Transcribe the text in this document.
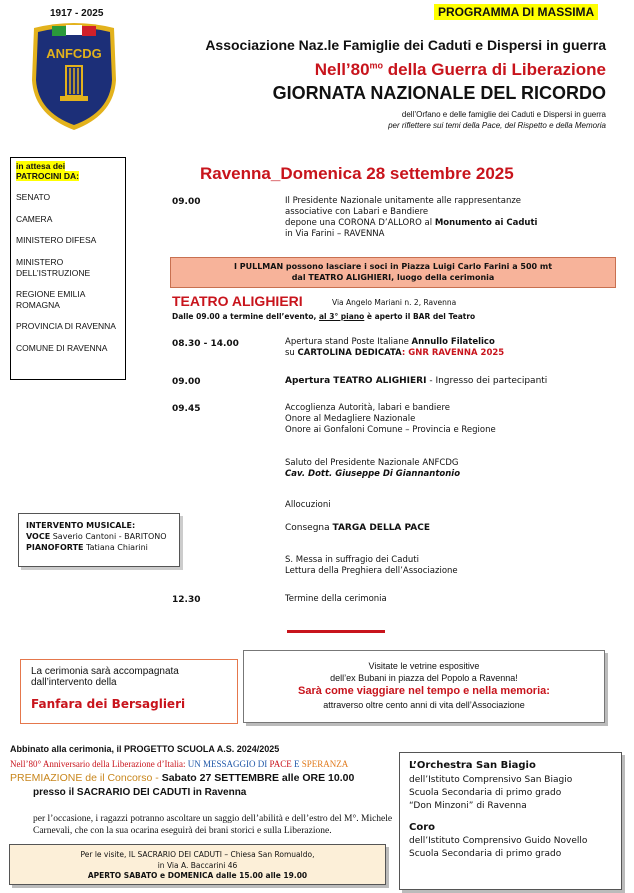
1917 - 2025
ANFCDG
PROGRAMMA DI MASSIMA
Associazione Naz.le Famiglie dei Caduti e Dispersi in guerra
$Nell’80^{mo}$ della Guerra di Liberazione
GIORNATA NAZIONALE DEL RICORDO
dell’Orfano e delle famiglie dei Caduti e Dispersi in guerra
per riflettere sui temi della Pace, del Rispetto e della Memoria
in attesa dei
PATROCINI DA:
SENATO
CAMERA
MINISTERO DIFESA
MINISTERO DELL’ISTRUZIONE
REGIONE EMILIA ROMAGNA
PROVINCIA DI RAVENNA
COMUNE DI RAVENNA
Ravenna_Domenica 28 settembre 2025
09.00	Il Presidente Nazionale unitamente alle rappresentanze
associative con Labari e Bandiere
depone una CORONA D’ALLORO al Monumento ai Caduti
in Via Farini – RAVENNA
I PULLMAN possono lasciare i soci in Piazza Luigi Carlo Farini a 500 mt
dal TEATRO ALIGHIERI, luogo della cerimonia
TEATRO ALIGHIERI	Via Angelo Mariani n. 2, Ravenna
Dalle 09.00 a termine dell’evento, al 3° piano è aperto il BAR del Teatro
08.30 - 14.00	Apertura stand Poste Italiane Annullo Filatelico
su CARTOLINA DEDICATA: GNR RAVENNA 2025
09.00	Apertura TEATRO ALIGHIERI - Ingresso dei partecipanti
09.45	Accoglienza Autorità, labari e bandiere
Onore al Medagliere Nazionale
Onore ai Gonfaloni Comune – Provincia e Regione
Saluto del Presidente Nazionale ANFCDG
Cav. Dott. Giuseppe Di Giannantonio
Allocuzioni
Consegna TARGA DELLA PACE
S. Messa in suffragio dei Caduti
Lettura della Preghiera dell’Associazione
12.30	Termine della cerimonia
INTERVENTO MUSICALE:
VOCE Saverio Cantoni - BARITONO
PIANOFORTE Tatiana Chiarini
La cerimonia sarà accompagnata
dall’intervento della
Fanfara dei Bersaglieri
Visitate le vetrine espositive
dell’ex Bubani in piazza del Popolo a Ravenna!
Sarà come viaggiare nel tempo e nella memoria:
attraverso oltre cento anni di vita dell’Associazione
Abbinato alla cerimonia, il PROGETTO SCUOLA A.S. 2024/2025
Nell’80° Anniversario della Liberazione d’Italia: UN MESSAGGIO DI PACE E SPERANZA
PREMIAZIONE de il Concorso - Sabato 27 SETTEMBRE alle ORE 10.00
presso il SACRARIO DEI CADUTI in Ravenna
per l’occasione, i ragazzi potranno ascoltare un saggio dell’abilità e dell’estro del M°. Michele Carnevali, che con la sua ocarina eseguirà dei brani storici e sulla Liberazione.
Per le visite, IL SACRARIO DEI CADUTI – Chiesa San Romualdo,
in Via A. Baccarini 46
APERTO SABATO e DOMENICA dalle 15.00 alle 19.00
L’Orchestra San Biagio
dell’Istituto Comprensivo San Biagio
Scuola Secondaria di primo grado
“Don Minzoni” di Ravenna
Coro
dell’Istituto Comprensivo Guido Novello
Scuola Secondaria di primo grado
